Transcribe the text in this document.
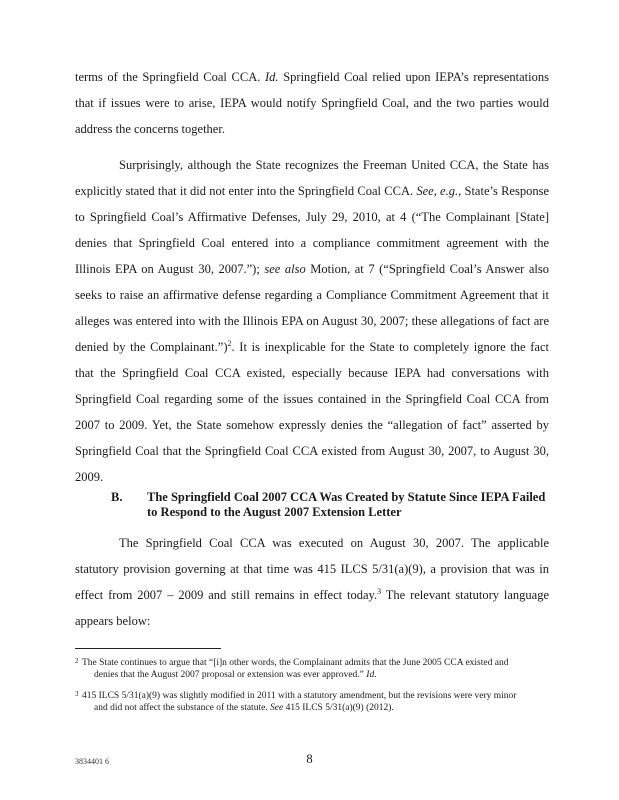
terms of the Springfield Coal CCA. Id. Springfield Coal relied upon IEPA’s representations that if issues were to arise, IEPA would notify Springfield Coal, and the two parties would address the concerns together.

Surprisingly, although the State recognizes the Freeman United CCA, the State has explicitly stated that it did not enter into the Springfield Coal CCA. See, e.g., State’s Response to Springfield Coal’s Affirmative Defenses, July 29, 2010, at 4 (“The Complainant [State] denies that Springfield Coal entered into a compliance commitment agreement with the Illinois EPA on August 30, 2007.”); see also Motion, at 7 (“Springfield Coal’s Answer also seeks to raise an affirmative defense regarding a Compliance Commitment Agreement that it alleges was entered into with the Illinois EPA on August 30, 2007; these allegations of fact are denied by the Complainant.”)$^2$. It is inexplicable for the State to completely ignore the fact that the Springfield Coal CCA existed, especially because IEPA had conversations with Springfield Coal regarding some of the issues contained in the Springfield Coal CCA from 2007 to 2009. Yet, the State somehow expressly denies the “allegation of fact” asserted by Springfield Coal that the Springfield Coal CCA existed from August 30, 2007, to August 30, 2009.

B. The Springfield Coal 2007 CCA Was Created by Statute Since IEPA Failed to Respond to the August 2007 Extension Letter

The Springfield Coal CCA was executed on August 30, 2007. The applicable statutory provision governing at that time was 415 ILCS 5/31(a)(9), a provision that was in effect from 2007 – 2009 and still remains in effect today.$^3$ The relevant statutory language appears below:

2 The State continues to argue that “[i]n other words, the Complainant admits that the June 2005 CCA existed and
denies that the August 2007 proposal or extension was ever approved.” Id.
3 415 ILCS 5/31(a)(9) was slightly modified in 2011 with a statutory amendment, but the revisions were very minor
and did not affect the substance of the statute. See 415 ILCS 5/31(a)(9) (2012).
3834401 6	8
